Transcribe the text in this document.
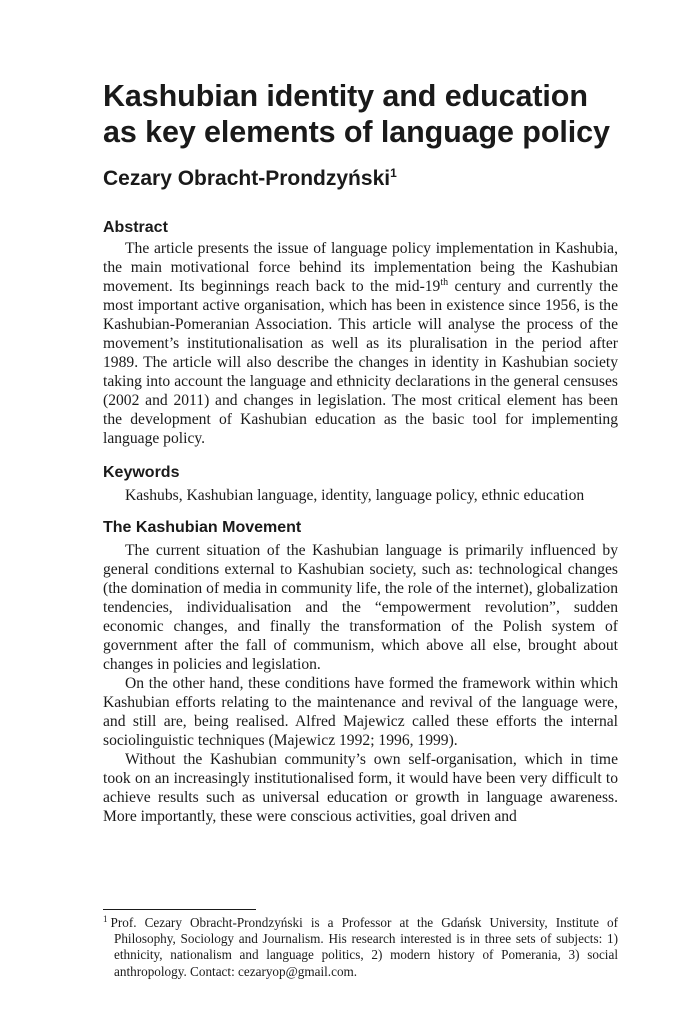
Kashubian identity and education as key elements of language policy
Cezary Obracht-Prondzyński$^1$
Abstract

The article presents the issue of language policy implementation in Kashubia, the main motivational force behind its implementation being the Kashubian movement. Its beginnings reach back to the mid-19th century and currently the most important active organisation, which has been in existence since 1956, is the Kashubian-Pomeranian Association. This article will analyse the process of the movement’s institutionalisation as well as its pluralisation in the period after 1989. The article will also describe the changes in identity in Kashubian society taking into account the language and ethnicity declarations in the general censuses (2002 and 2011) and changes in legislation. The most critical element has been the development of Kashubian education as the basic tool for implementing language policy.

Keywords

Kashubs, Kashubian language, identity, language policy, ethnic education

The Kashubian Movement

The current situation of the Kashubian language is primarily influenced by general conditions external to Kashubian society, such as: technological changes (the domination of media in community life, the role of the internet), globalization tendencies, individualisation and the “empowerment revolution”, sudden economic changes, and finally the transformation of the Polish system of government after the fall of communism, which above all else, brought about changes in policies and legislation.

On the other hand, these conditions have formed the framework within which Kashubian efforts relating to the maintenance and revival of the language were, and still are, being realised. Alfred Majewicz called these efforts the internal sociolinguistic techniques (Majewicz 1992; 1996, 1999).

Without the Kashubian community’s own self-organisation, which in time took on an increasingly institutionalised form, it would have been very difficult to achieve results such as universal education or growth in language awareness. More importantly, these were conscious activities, goal driven and

$^1$ Prof. Cezary Obracht-Prondzyński is a Professor at the Gdańsk University, Institute of Philosophy, Sociology and Journalism. His research interested is in three sets of subjects: 1) ethnicity, nationalism and language politics, 2) modern history of Pomerania, 3) social anthropology. Contact: cezaryop@gmail.com.
